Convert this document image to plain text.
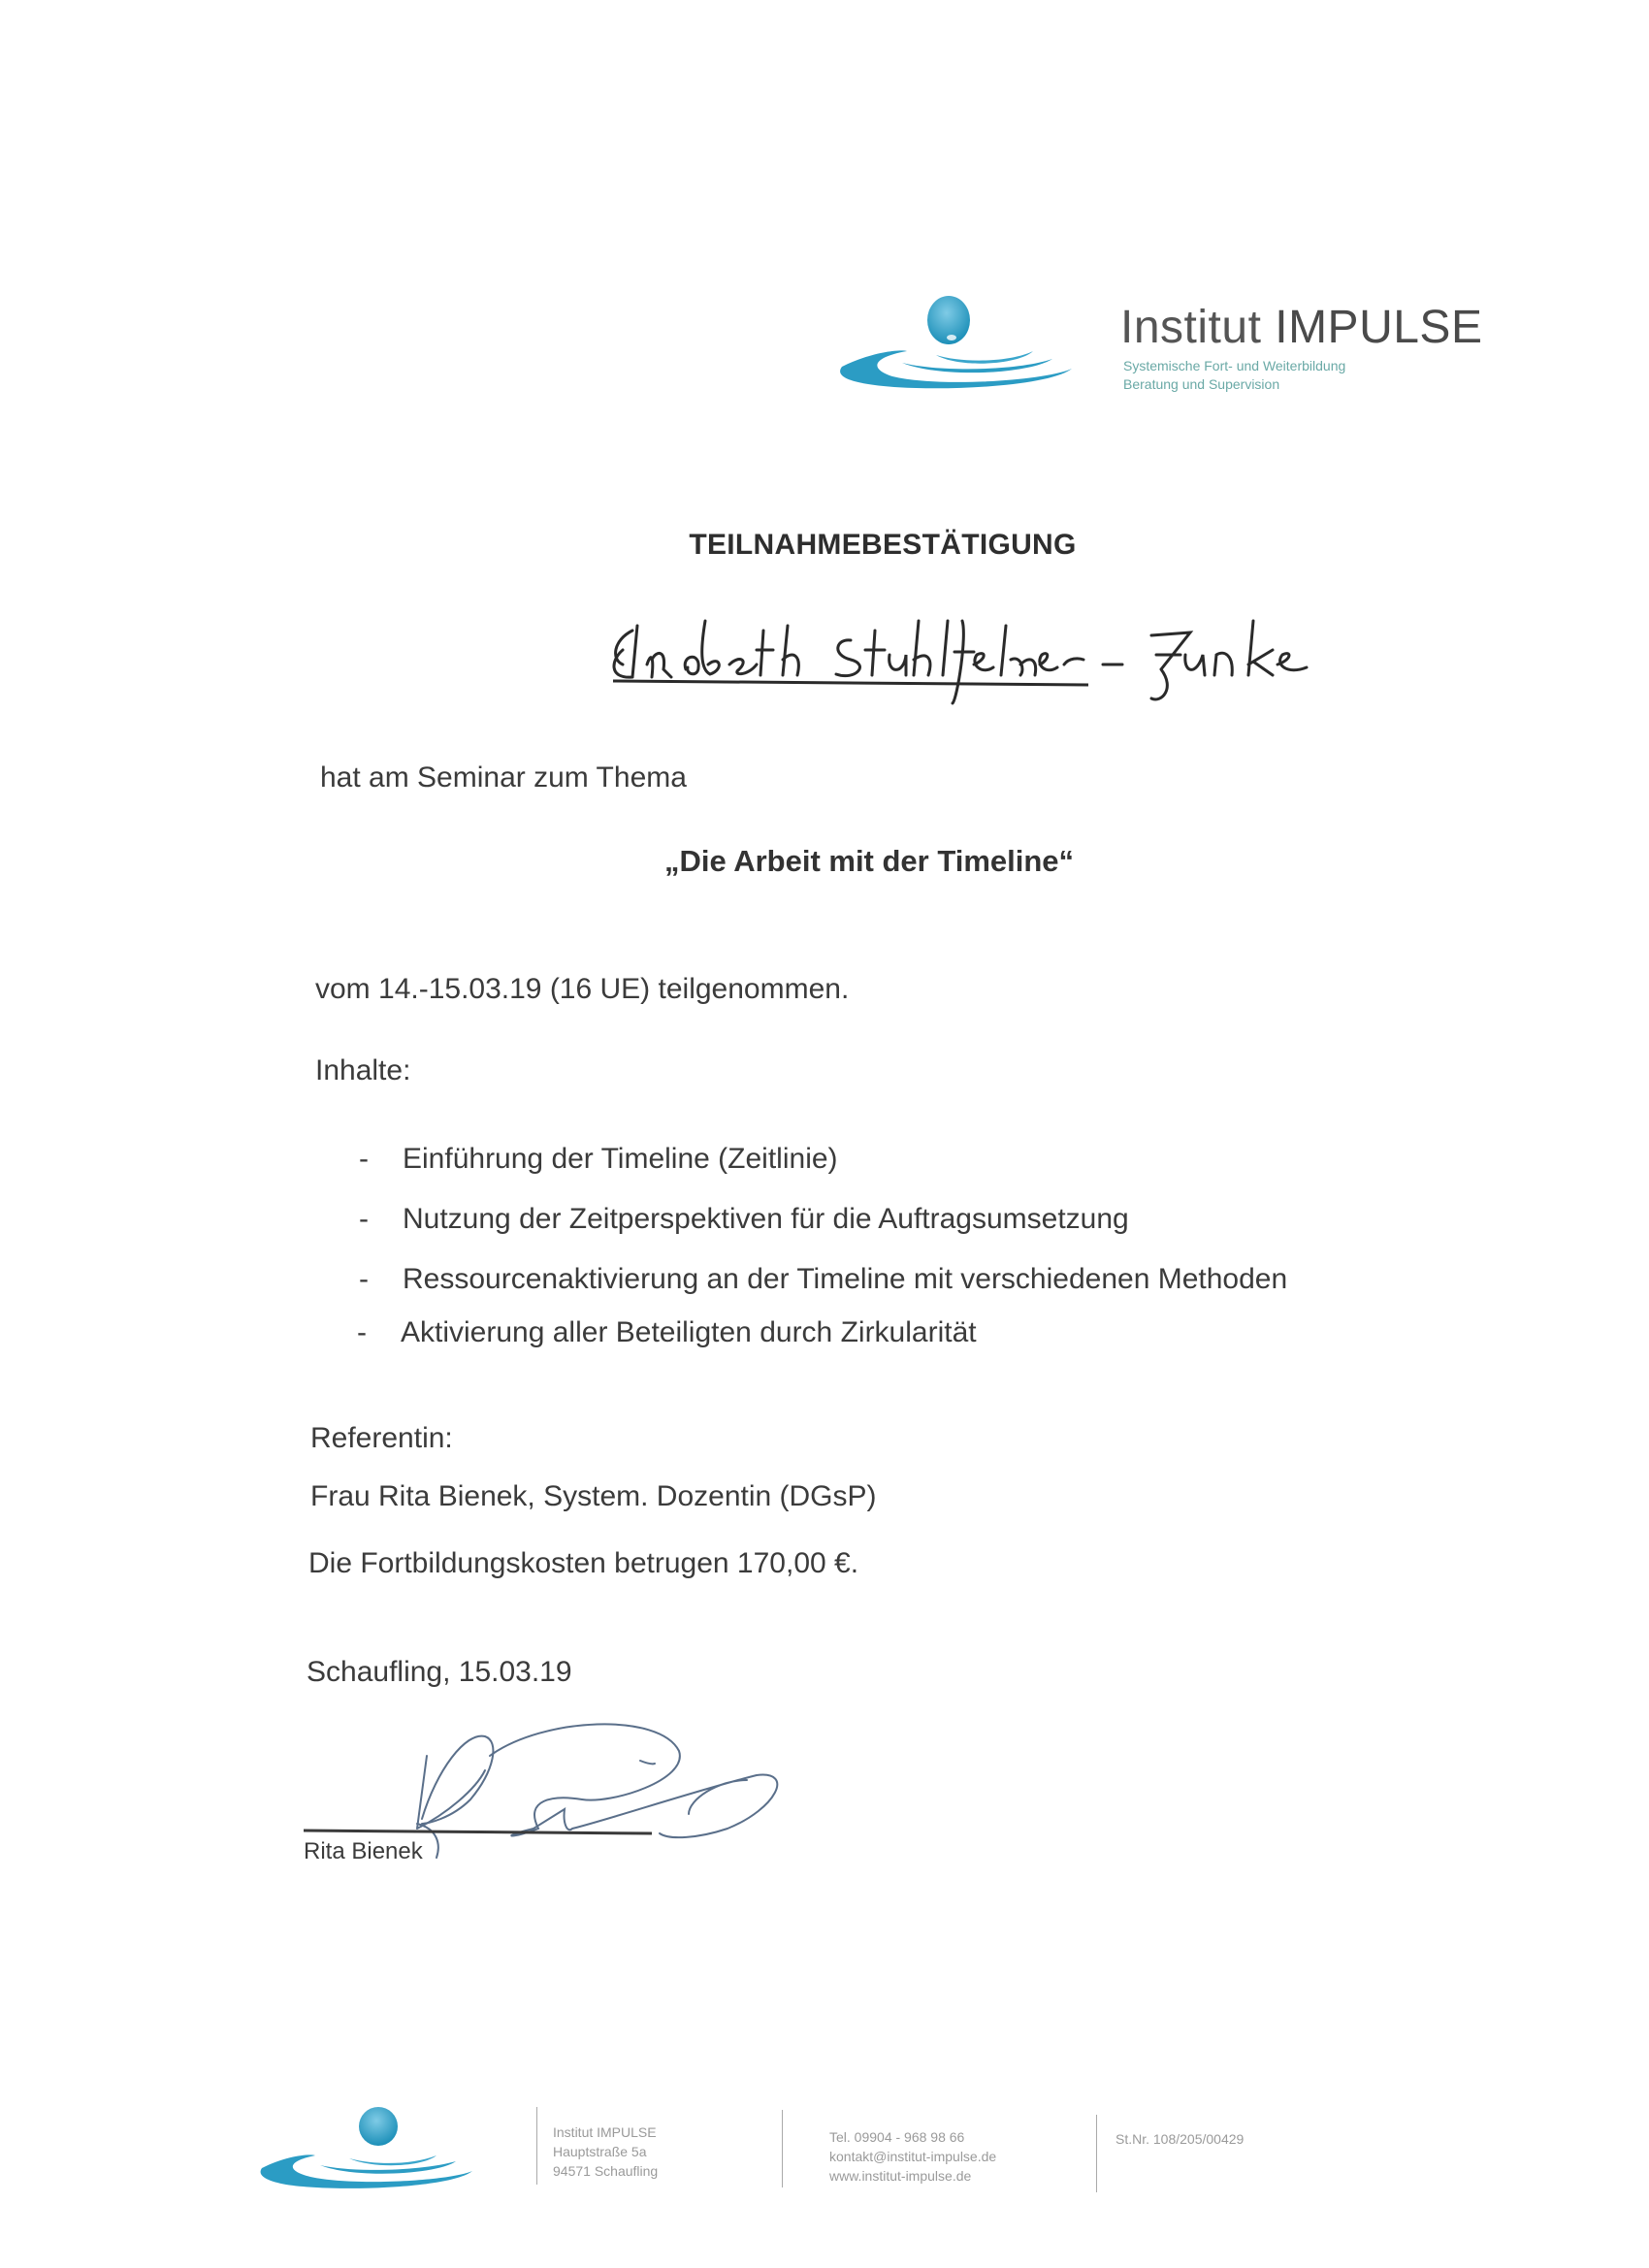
Institut IMPULSE
Systemische Fort- und Weiterbildung
Beratung und Supervision
TEILNAHMEBESTÄTIGUNG
hat am Seminar zum Thema
„Die Arbeit mit der Timeline“
vom 14.-15.03.19 (16 UE) teilgenommen.
Inhalte:
- Einführung der Timeline (Zeitlinie)
- Nutzung der Zeitperspektiven für die Auftragsumsetzung
- Ressourcenaktivierung an der Timeline mit verschiedenen Methoden
- Aktivierung aller Beteiligten durch Zirkularität
Referentin:
Frau Rita Bienek, System. Dozentin (DGsP)
Die Fortbildungskosten betrugen 170,00 €.
Schaufling, 15.03.19
Rita Bienek
Institut IMPULSE
Hauptstraße 5a
94571 Schaufling
Tel. 09904 - 968 98 66
kontakt@institut-impulse.de
www.institut-impulse.de
St.Nr. 108/205/00429
